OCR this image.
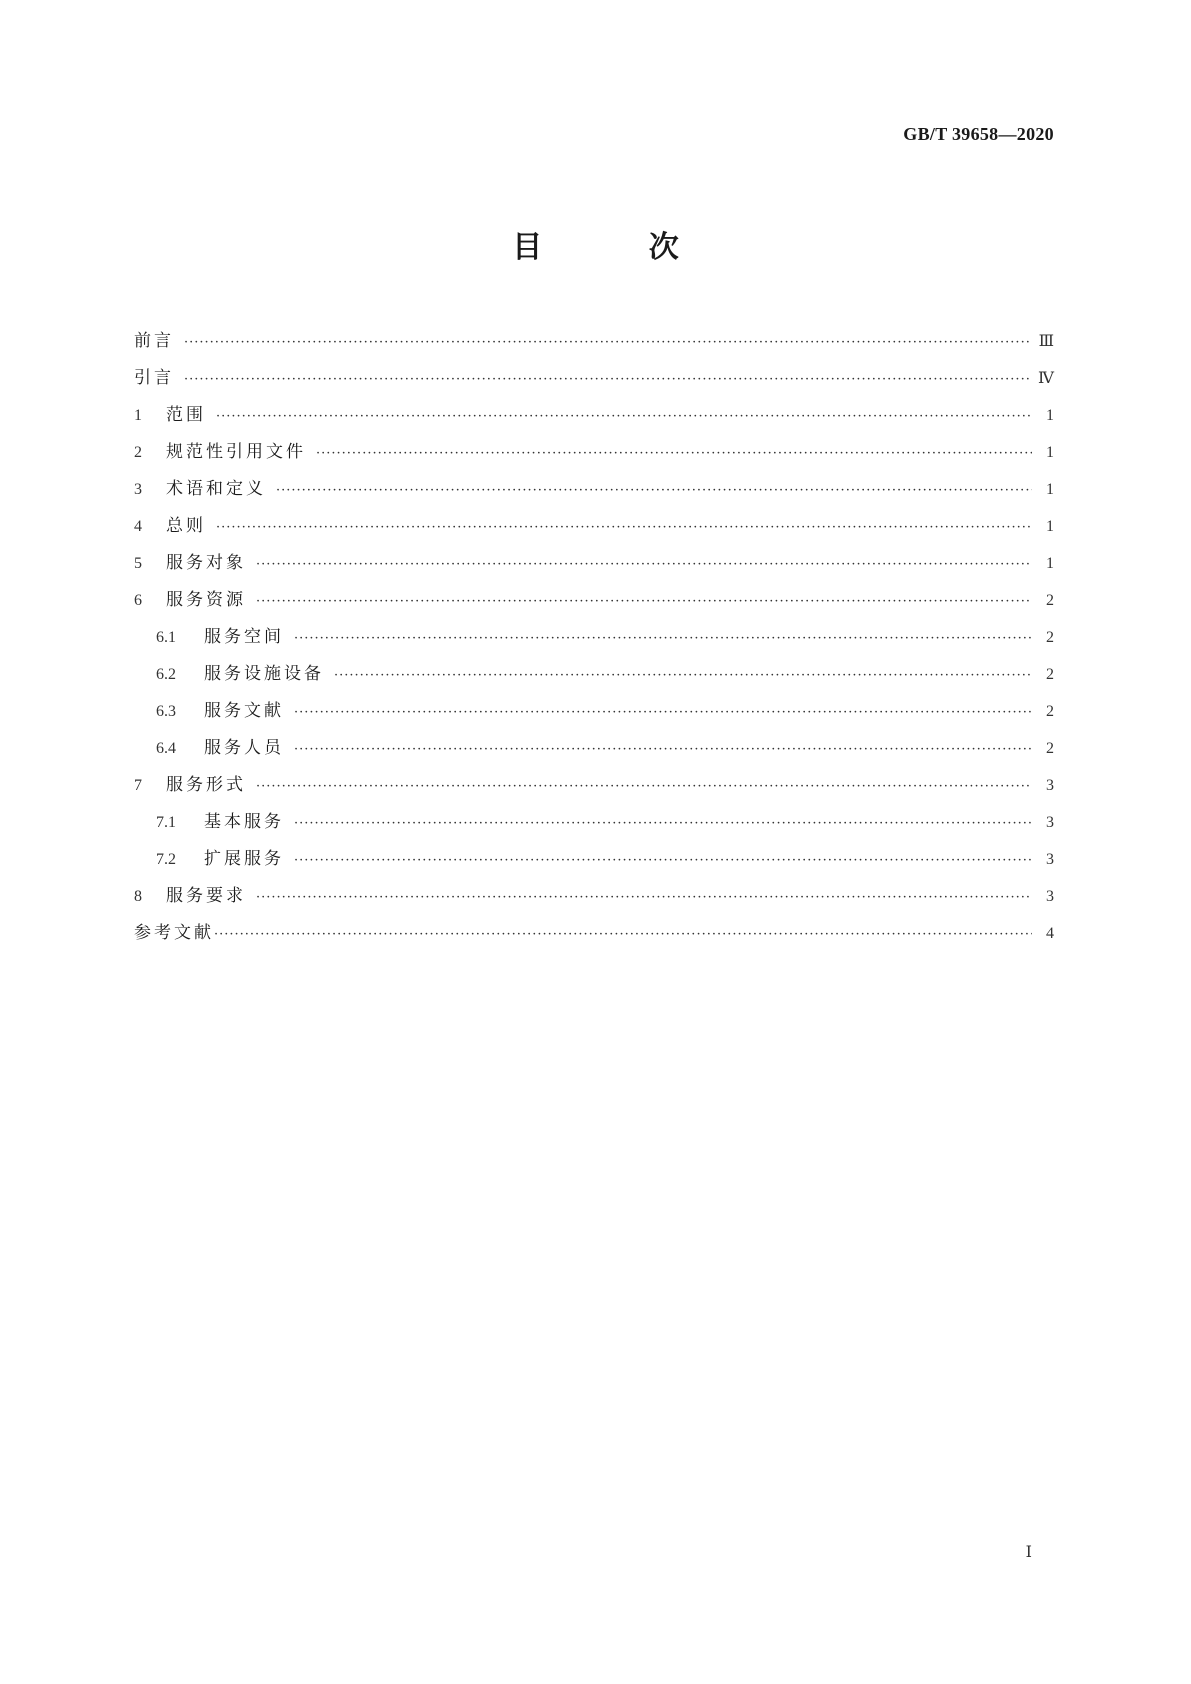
GB/T 39658—2020
目 次
前言 ·····	Ⅲ
引言 ·····	Ⅳ
1	范围 ·····	1
2	规范性引用文件 ·····	1
3	术语和定义 ·····	1
4	总则 ·····	1
5	服务对象 ·····	1
6	服务资源 ·····	2
6.1	服务空间 ·····	2
6.2	服务设施设备 ·····	2
6.3	服务文献 ·····	2
6.4	服务人员 ·····	2
7	服务形式 ·····	3
7.1	基本服务 ·····	3
7.2	扩展服务 ·····	3
8	服务要求 ·····	3
参考文献 ·····	4
Ⅰ
